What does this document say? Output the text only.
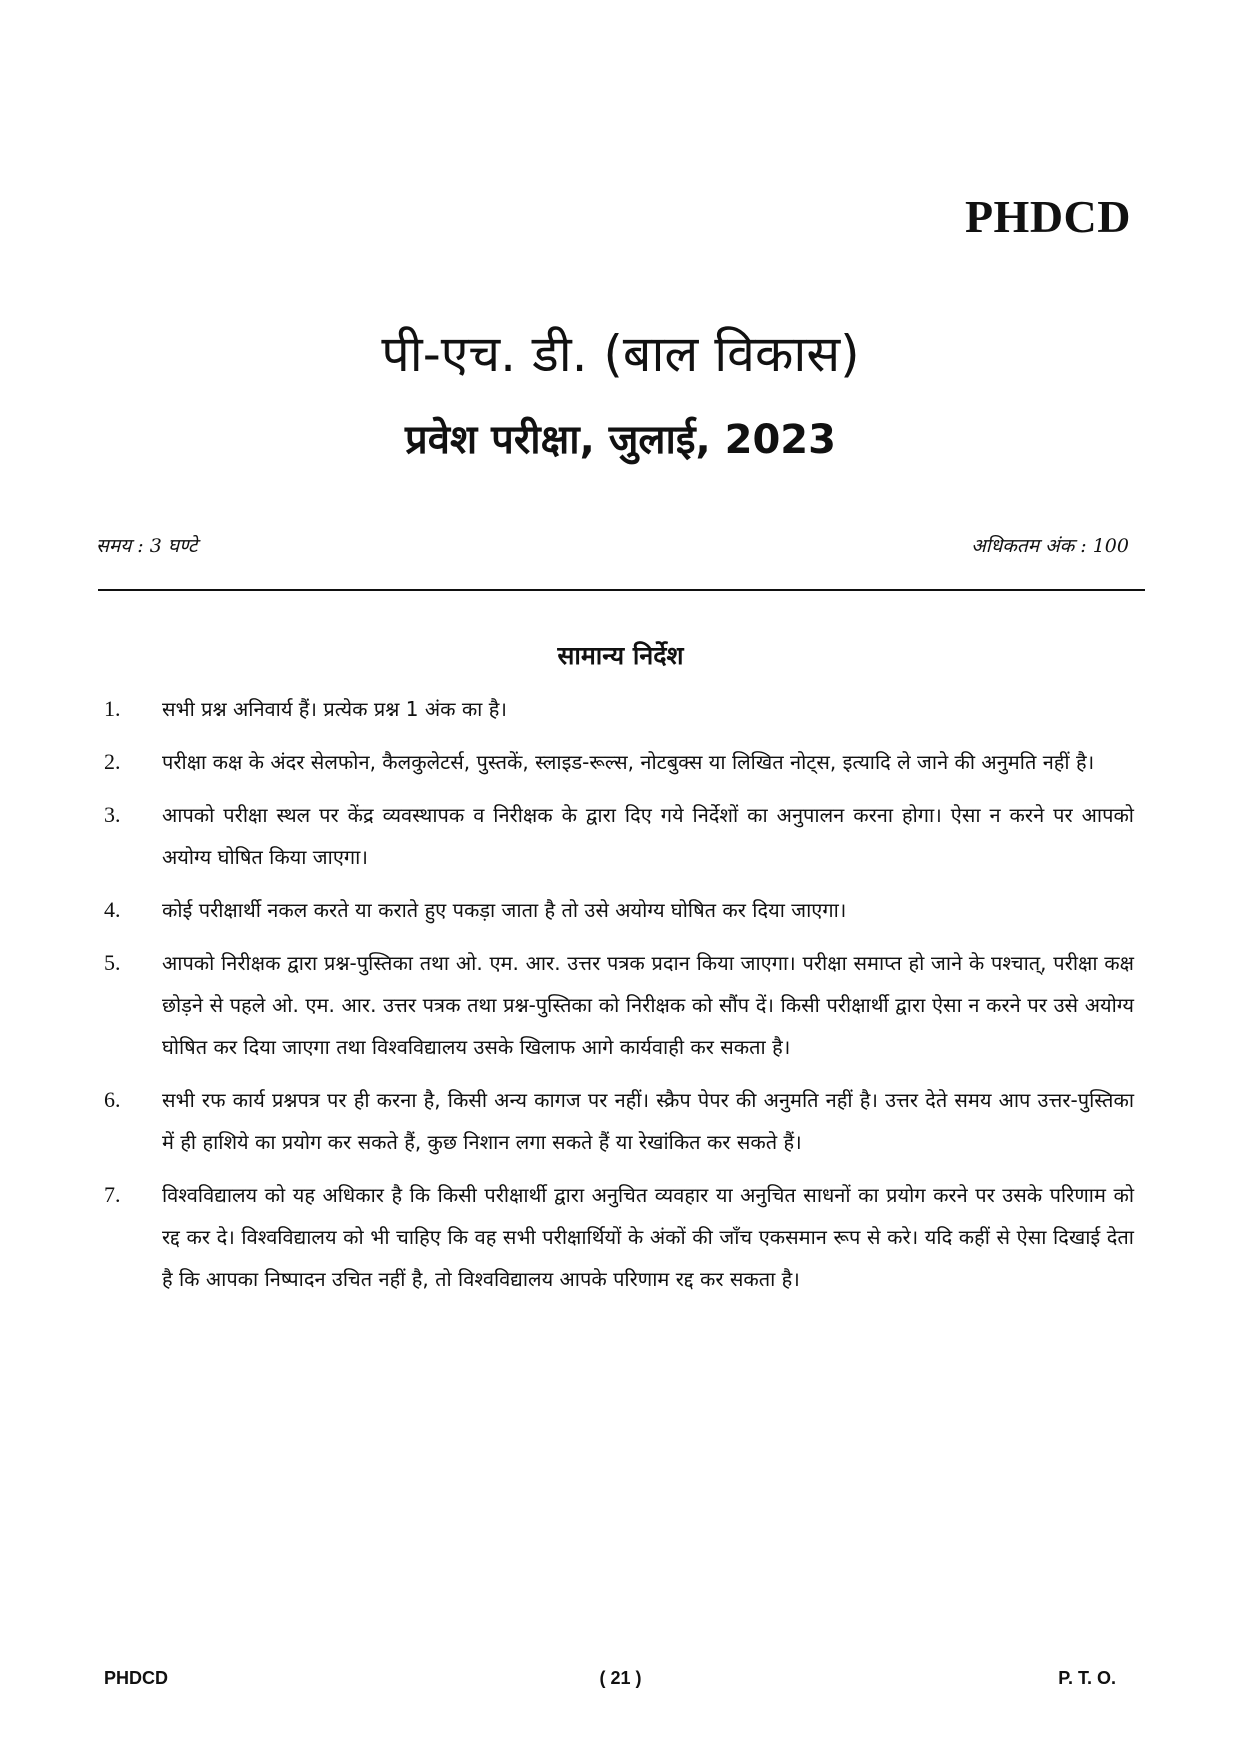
PHDCD
पी-एच. डी. (बाल विकास)
प्रवेश परीक्षा, जुलाई, 2023
समय : 3 घण्टे	अधिकतम अंक : 100
सामान्य निर्देश
1.	सभी प्रश्न अनिवार्य हैं। प्रत्येक प्रश्न 1 अंक का है।
2.	परीक्षा कक्ष के अंदर सेलफोन, कैलकुलेटर्स, पुस्तकें, स्लाइड-रूल्स, नोटबुक्स या लिखित नोट्स, इत्यादि ले जाने की अनुमति नहीं है।
3.	आपको परीक्षा स्थल पर केंद्र व्यवस्थापक व निरीक्षक के द्वारा दिए गये निर्देशों का अनुपालन करना होगा। ऐसा न करने पर आपको अयोग्य घोषित किया जाएगा।
4.	कोई परीक्षार्थी नकल करते या कराते हुए पकड़ा जाता है तो उसे अयोग्य घोषित कर दिया जाएगा।
5.	आपको निरीक्षक द्वारा प्रश्न-पुस्तिका तथा ओ. एम. आर. उत्तर पत्रक प्रदान किया जाएगा। परीक्षा समाप्त हो जाने के पश्चात्, परीक्षा कक्ष छोड़ने से पहले ओ. एम. आर. उत्तर पत्रक तथा प्रश्न-पुस्तिका को निरीक्षक को सौंप दें। किसी परीक्षार्थी द्वारा ऐसा न करने पर उसे अयोग्य घोषित कर दिया जाएगा तथा विश्वविद्यालय उसके खिलाफ आगे कार्यवाही कर सकता है।
6.	सभी रफ कार्य प्रश्नपत्र पर ही करना है, किसी अन्य कागज पर नहीं। स्क्रैप पेपर की अनुमति नहीं है। उत्तर देते समय आप उत्तर-पुस्तिका में ही हाशिये का प्रयोग कर सकते हैं, कुछ निशान लगा सकते हैं या रेखांकित कर सकते हैं।
7.	विश्वविद्यालय को यह अधिकार है कि किसी परीक्षार्थी द्वारा अनुचित व्यवहार या अनुचित साधनों का प्रयोग करने पर उसके परिणाम को रद्द कर दे। विश्वविद्यालय को भी चाहिए कि वह सभी परीक्षार्थियों के अंकों की जाँच एकसमान रूप से करे। यदि कहीं से ऐसा दिखाई देता है कि आपका निष्पादन उचित नहीं है, तो विश्वविद्यालय आपके परिणाम रद्द कर सकता है।
PHDCD	( 21 )	P. T. O.
